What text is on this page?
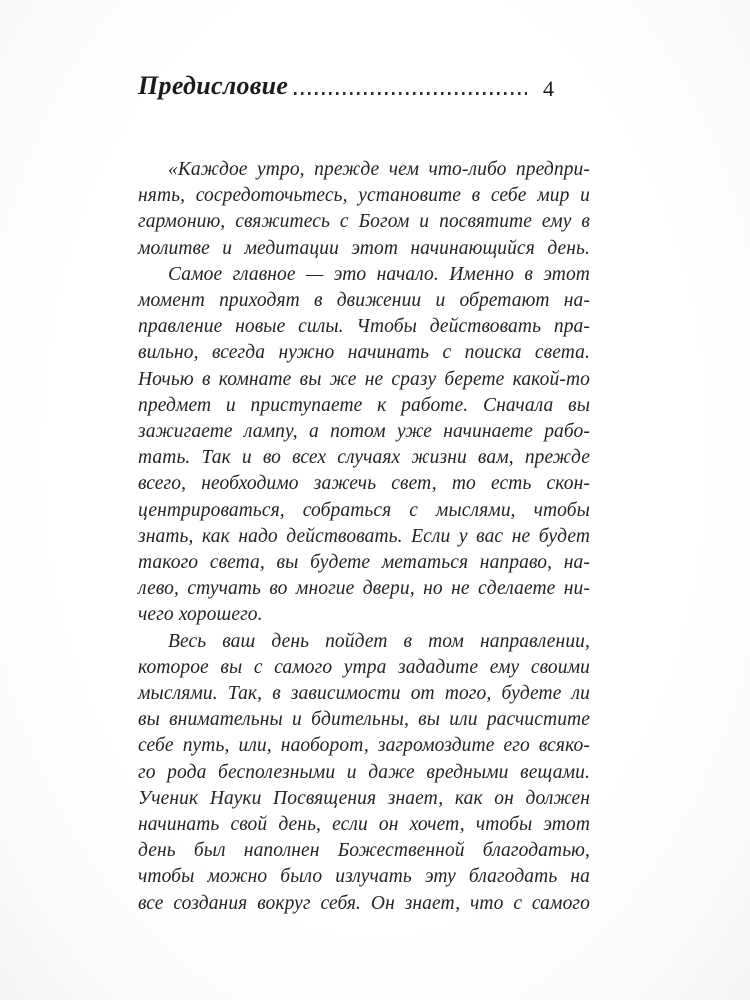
Предисловие	4
«Каждое утро, прежде чем что-либо предпри-
нять, сосредоточьтесь, установите в себе мир и
гармонию, свяжитесь с Богом и посвятите ему в
молитве и медитации этот начинающийся день.
Самое главное — это начало. Именно в этот
момент приходят в движении и обретают на-
правление новые силы. Чтобы действовать пра-
вильно, всегда нужно начинать с поиска света.
Ночью в комнате вы же не сразу берете какой-то
предмет и приступаете к работе. Сначала вы
зажигаете лампу, а потом уже начинаете рабо-
тать. Так и во всех случаях жизни вам, прежде
всего, необходимо зажечь свет, то есть скон-
центрироваться, собраться с мыслями, чтобы
знать, как надо действовать. Если у вас не будет
такого света, вы будете метаться направо, на-
лево, стучать во многие двери, но не сделаете ни-
чего хорошего.
Весь ваш день пойдет в том направлении,
которое вы с самого утра зададите ему своими
мыслями. Так, в зависимости от того, будете ли
вы внимательны и бдительны, вы или расчистите
себе путь, или, наоборот, загромоздите его всяко-
го рода бесполезными и даже вредными вещами.
Ученик Науки Посвящения знает, как он должен
начинать свой день, если он хочет, чтобы этот
день был наполнен Божественной благодатью,
чтобы можно было излучать эту благодать на
все создания вокруг себя. Он знает, что с самого
